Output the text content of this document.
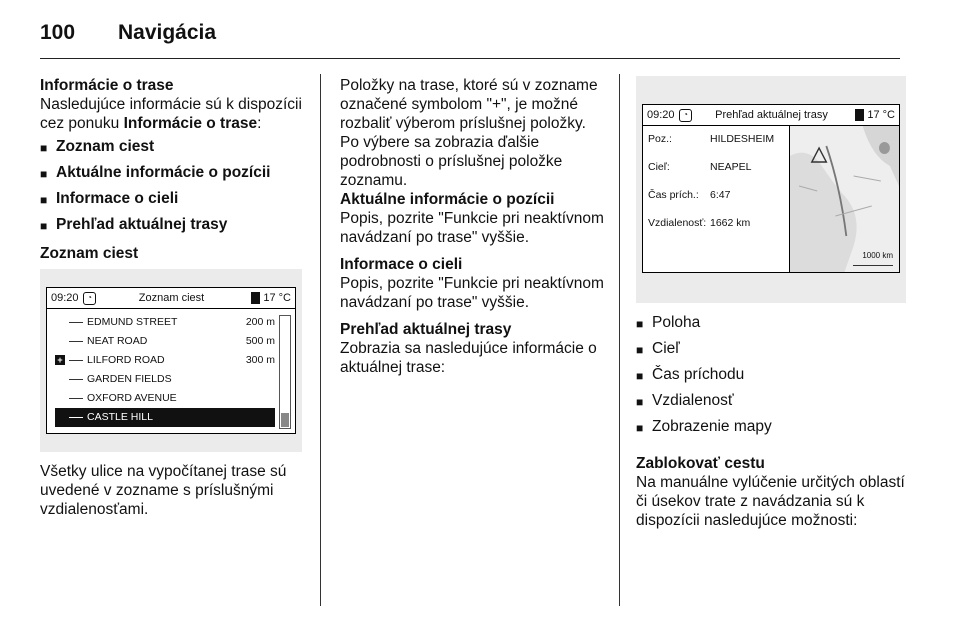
100	Navigácia

Informácie o trase

Nasledujúce informácie sú k dispozícii cez ponuku Informácie o trase:

■ Zoznam ciest
■ Aktuálne informácie o pozícii
■ Informace o cieli
■ Prehľad aktuálnej trasy

Zoznam ciest

09:20	◔	Zoznam ciest	17 °C
EDMUND STREET	200 m
NEAT ROAD	500 m
+	LILFORD ROAD	300 m
GARDEN FIELDS
OXFORD AVENUE
CASTLE HILL

Všetky ulice na vypočítanej trase sú uvedené v zozname s príslušnými vzdialenosťami.

Položky na trase, ktoré sú v zozname označené symbolom "+", je možné rozbaliť výberom príslušnej položky. Po výbere sa zobrazia ďalšie podrobnosti o príslušnej položke zoznamu.

Aktuálne informácie o pozícii

Popis, pozrite "Funkcie pri neaktívnom navádzaní po trase" vyššie.

Informace o cieli

Popis, pozrite "Funkcie pri neaktívnom navádzaní po trase" vyššie.

Prehľad aktuálnej trasy

Zobrazia sa nasledujúce informácie o aktuálnej trase:

09:20	◔	Prehľad aktuálnej trasy	17 °C
Poz.:	HILDESHEIM
Cieľ:	NEAPEL
Čas prích.:	6:47
Vzdialenosť: 1662 km
1000 km
■ Poloha
■ Cieľ
■ Čas príchodu
■ Vzdialenosť
■ Zobrazenie mapy

Zablokovať cestu

Na manuálne vylúčenie určitých oblastí či úsekov trate z navádzania sú k dispozícii nasledujúce možnosti:
